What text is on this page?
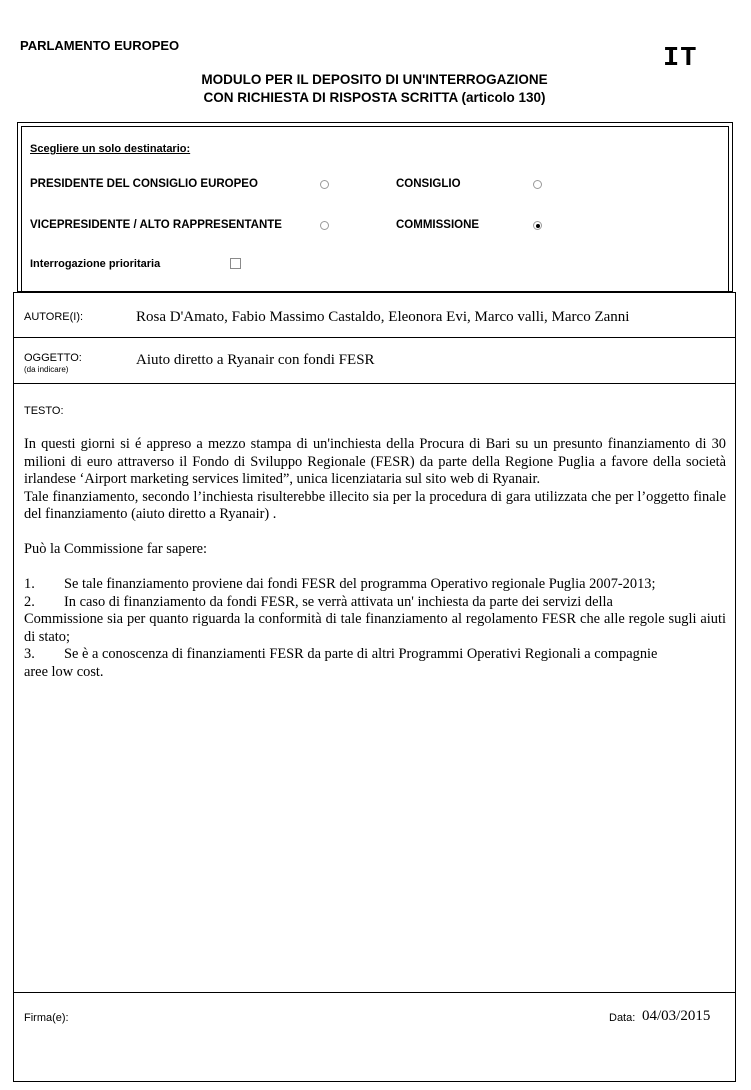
PARLAMENTO EUROPEO	IT
MODULO PER IL DEPOSITO DI UN'INTERROGAZIONE
CON RICHIESTA DI RISPOSTA SCRITTA (articolo 130)
Scegliere un solo destinatario:
PRESIDENTE DEL CONSIGLIO EUROPEO	CONSIGLIO
VICEPRESIDENTE / ALTO RAPPRESENTANTE	COMMISSIONE
Interrogazione prioritaria
AUTORE(I):	Rosa D'Amato, Fabio Massimo Castaldo, Eleonora Evi, Marco valli, Marco Zanni
OGGETTO:
(da indicare)
Aiuto diretto a Ryanair con fondi FESR
TESTO:

In questi giorni si é appreso a mezzo stampa di un'inchiesta della Procura di Bari su un presunto finanziamento di 30 milioni di euro attraverso il Fondo di Sviluppo Regionale (FESR) da parte della Regione Puglia a favore della società irlandese ‘Airport marketing services limited”, unica licenziataria sul sito web di Ryanair.

Tale finanziamento, secondo l’inchiesta risulterebbe illecito sia per la procedura di gara utilizzata che per l’oggetto finale del finanziamento (aiuto diretto a Ryanair) .

Può la Commissione far sapere:

1.	Se tale finanziamento proviene dai fondi FESR del programma Operativo regionale Puglia 2007-2013;
2.	In caso di finanziamento da fondi FESR, se verrà attivata un' inchiesta da parte dei servizi della
Commissione sia per quanto riguarda la conformità di tale finanziamento al regolamento FESR che alle regole sugli aiuti di stato;
3.	Se è a conoscenza di finanziamenti FESR da parte di altri Programmi Operativi Regionali a compagnie
aree low cost.
Firma(e):	Data: 04/03/2015
